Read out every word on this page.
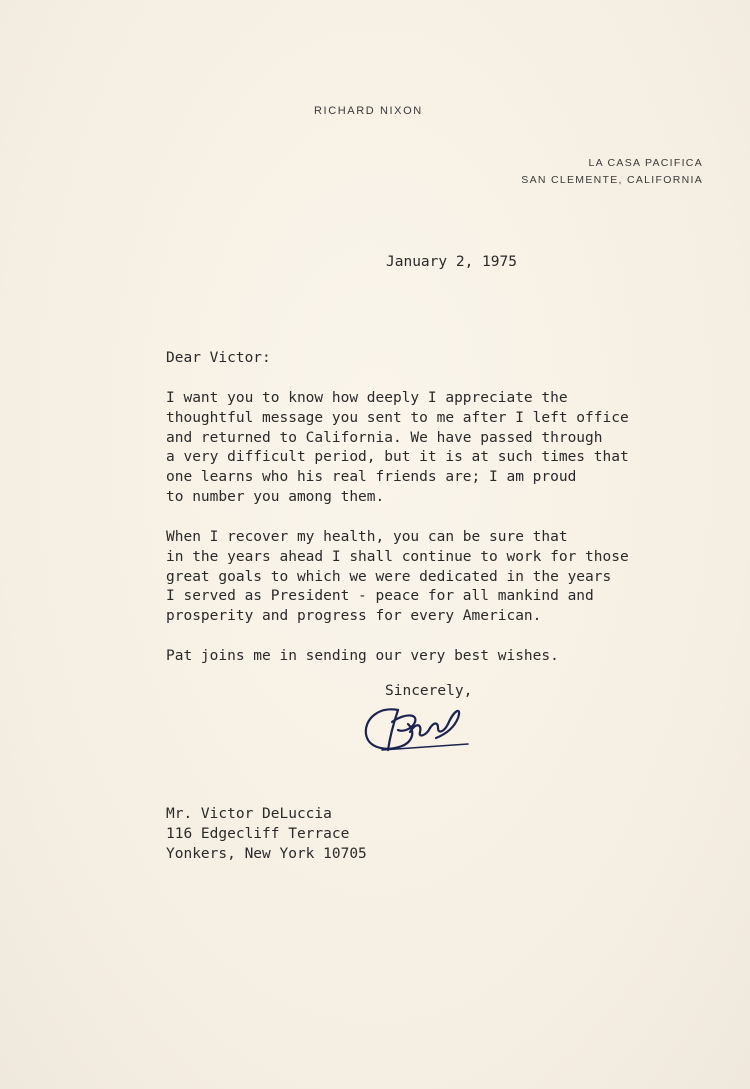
RICHARD NIXON
LA CASA PACIFICA
SAN CLEMENTE, CALIFORNIA
January 2, 1975
Dear Victor:
I want you to know how deeply I appreciate the
thoughtful message you sent to me after I left office
and returned to California. We have passed through
a very difficult period, but it is at such times that
one learns who his real friends are; I am proud
to number you among them.
When I recover my health, you can be sure that
in the years ahead I shall continue to work for those
great goals to which we were dedicated in the years
I served as President - peace for all mankind and
prosperity and progress for every American.
Pat joins me in sending our very best wishes.
Sincerely,
Mr. Victor DeLuccia
116 Edgecliff Terrace
Yonkers, New York 10705
